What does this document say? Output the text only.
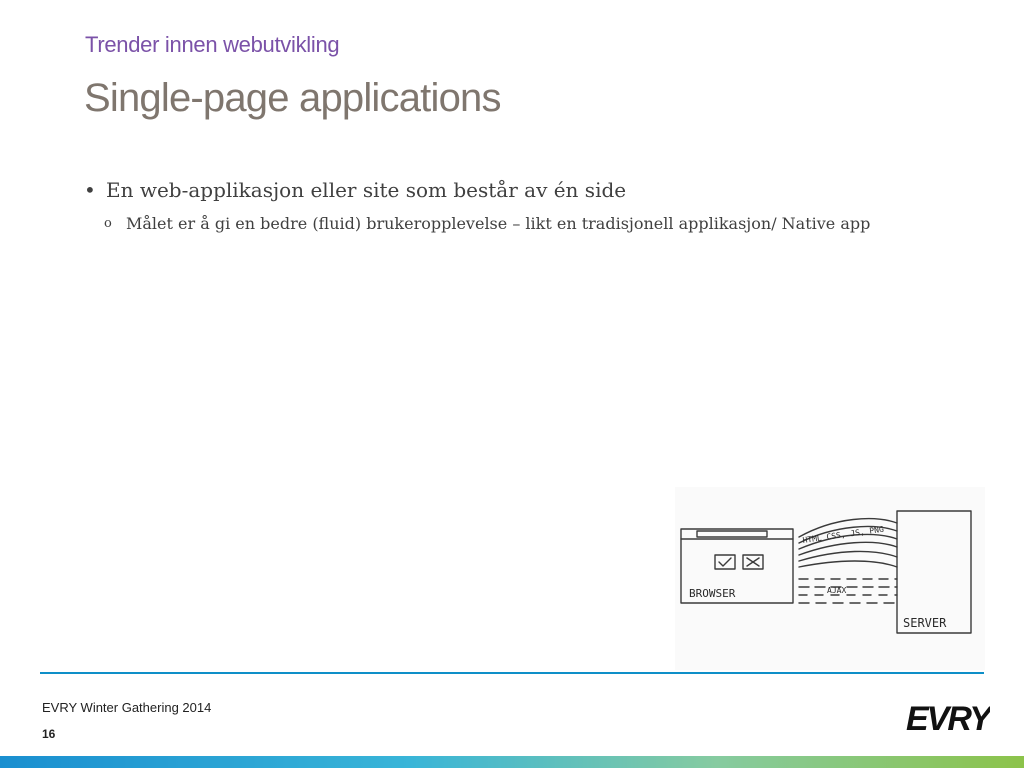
Trender innen webutvikling
Single-page applications
• En web-applikasjon eller site som består av én side
o Målet er å gi en bedre (fluid) brukeropplevelse – likt en tradisjonell applikasjon/ Native app
BROWSER
SERVER
HTML CSS, JS, PNG
AJAX
EVRY Winter Gathering 2014
16	EVRY
